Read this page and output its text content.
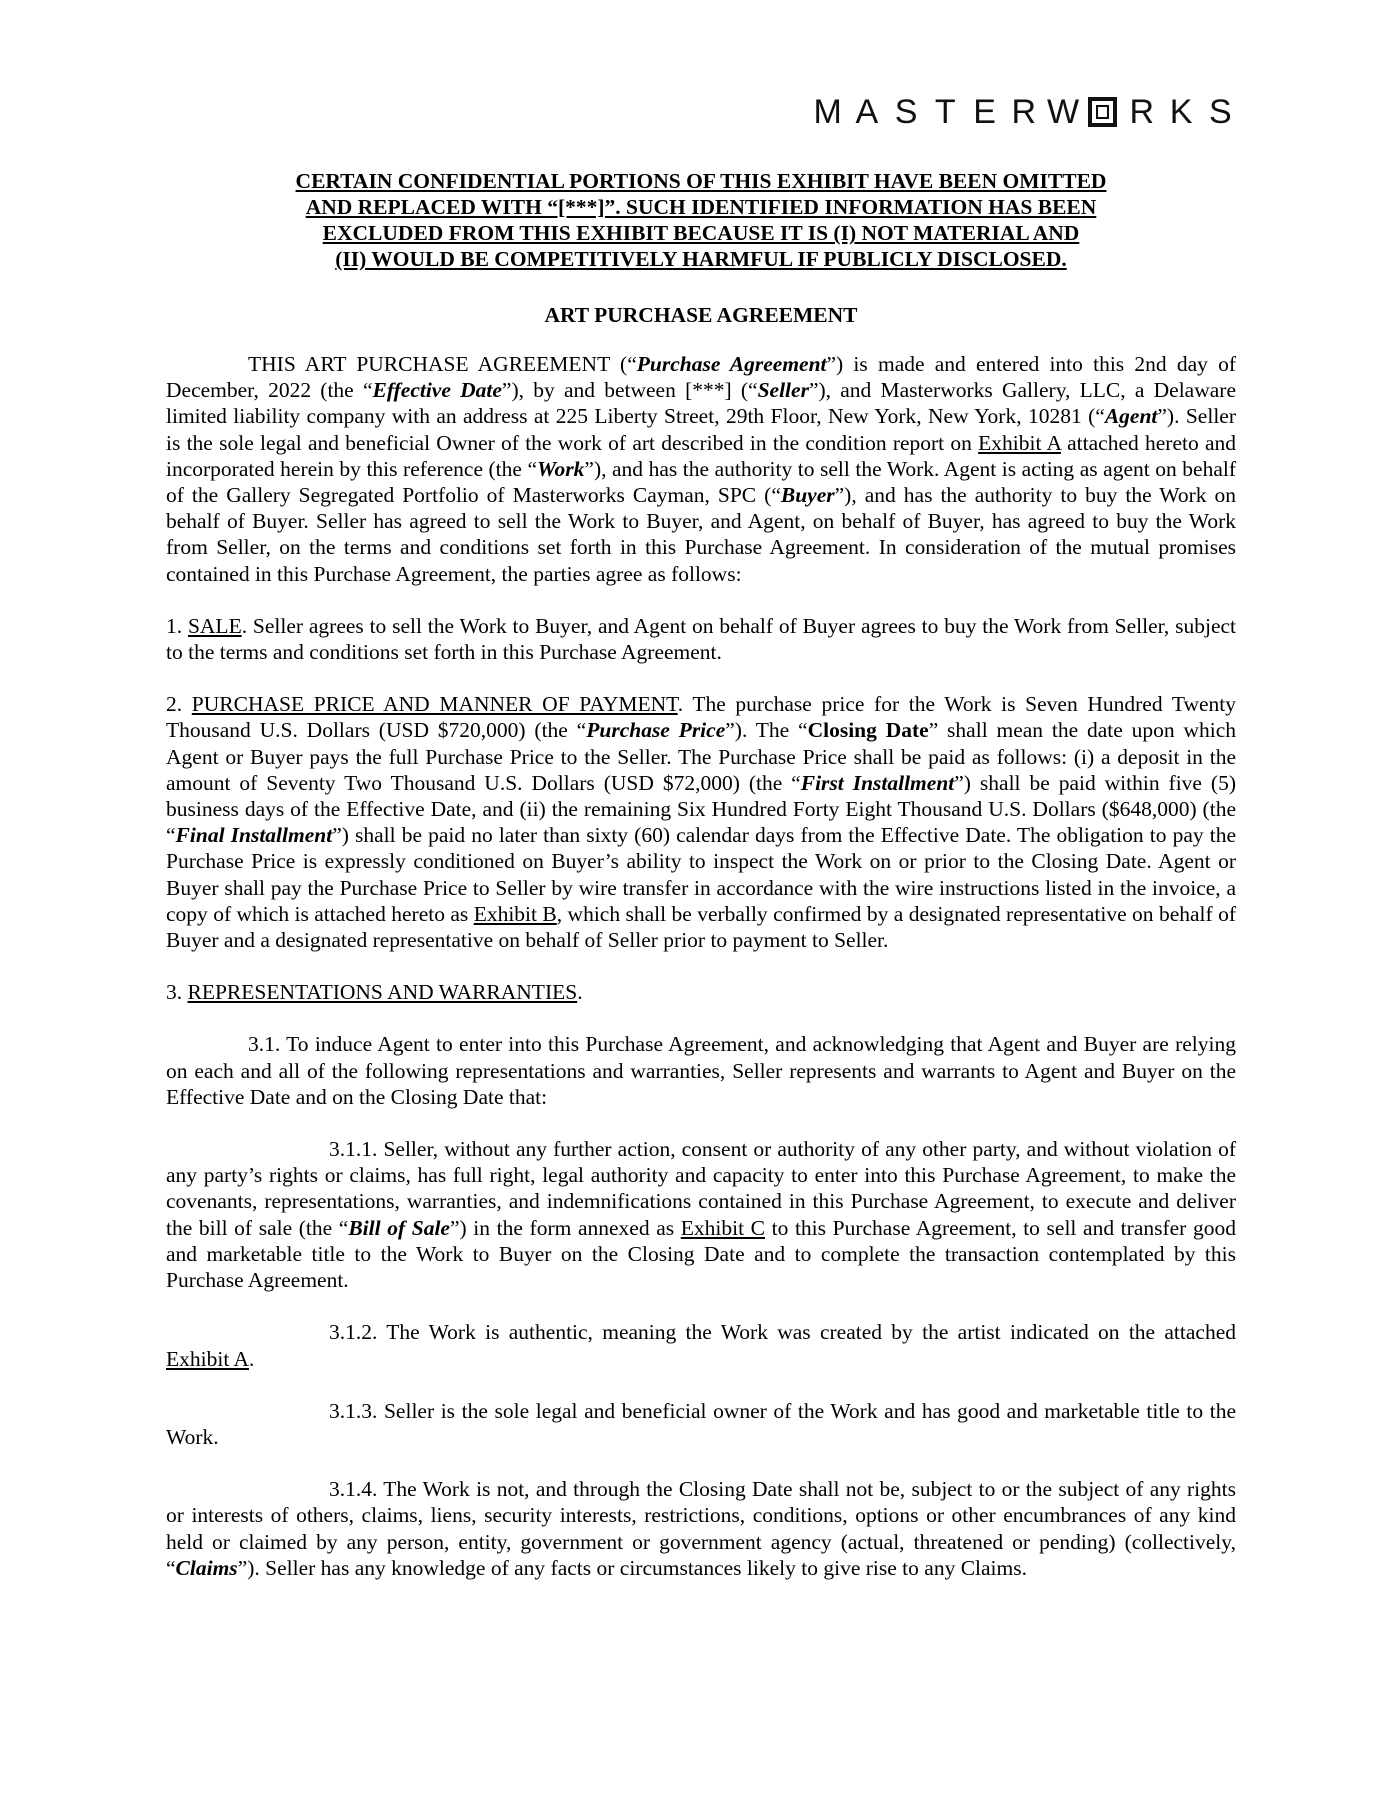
M A S T E R W R K S
CERTAIN CONFIDENTIAL PORTIONS OF THIS EXHIBIT HAVE BEEN OMITTED
AND REPLACED WITH “[***]”. SUCH IDENTIFIED INFORMATION HAS BEEN
EXCLUDED FROM THIS EXHIBIT BECAUSE IT IS (I) NOT MATERIAL AND
(II) WOULD BE COMPETITIVELY HARMFUL IF PUBLICLY DISCLOSED.
ART PURCHASE AGREEMENT

THIS ART PURCHASE AGREEMENT (“Purchase Agreement”) is made and entered into this 2nd day of December, 2022 (the “Effective Date”), by and between [***] (“Seller”), and Masterworks Gallery, LLC, a Delaware limited liability company with an address at 225 Liberty Street, 29th Floor, New York, New York, 10281 (“Agent”). Seller is the sole legal and beneficial Owner of the work of art described in the condition report on Exhibit A attached hereto and incorporated herein by this reference (the “Work”), and has the authority to sell the Work. Agent is acting as agent on behalf of the Gallery Segregated Portfolio of Masterworks Cayman, SPC (“Buyer”), and has the authority to buy the Work on behalf of Buyer. Seller has agreed to sell the Work to Buyer, and Agent, on behalf of Buyer, has agreed to buy the Work from Seller, on the terms and conditions set forth in this Purchase Agreement. In consideration of the mutual promises contained in this Purchase Agreement, the parties agree as follows:

1. SALE. Seller agrees to sell the Work to Buyer, and Agent on behalf of Buyer agrees to buy the Work from Seller, subject to the terms and conditions set forth in this Purchase Agreement.

2. PURCHASE PRICE AND MANNER OF PAYMENT. The purchase price for the Work is Seven Hundred Twenty Thousand U.S. Dollars (USD $720,000) (the “Purchase Price”). The “Closing Date” shall mean the date upon which Agent or Buyer pays the full Purchase Price to the Seller. The Purchase Price shall be paid as follows: (i) a deposit in the amount of Seventy Two Thousand U.S. Dollars (USD $72,000) (the “First Installment”) shall be paid within five (5) business days of the Effective Date, and (ii) the remaining Six Hundred Forty Eight Thousand U.S. Dollars ($648,000) (the “Final Installment”) shall be paid no later than sixty (60) calendar days from the Effective Date. The obligation to pay the Purchase Price is expressly conditioned on Buyer’s ability to inspect the Work on or prior to the Closing Date. Agent or Buyer shall pay the Purchase Price to Seller by wire transfer in accordance with the wire instructions listed in the invoice, a copy of which is attached hereto as Exhibit B, which shall be verbally confirmed by a designated representative on behalf of Buyer and a designated representative on behalf of Seller prior to payment to Seller.

3. REPRESENTATIONS AND WARRANTIES.

3.1. To induce Agent to enter into this Purchase Agreement, and acknowledging that Agent and Buyer are relying on each and all of the following representations and warranties, Seller represents and warrants to Agent and Buyer on the Effective Date and on the Closing Date that:

3.1.1. Seller, without any further action, consent or authority of any other party, and without violation of any party’s rights or claims, has full right, legal authority and capacity to enter into this Purchase Agreement, to make the covenants, representations, warranties, and indemnifications contained in this Purchase Agreement, to execute and deliver the bill of sale (the “Bill of Sale”) in the form annexed as Exhibit C to this Purchase Agreement, to sell and transfer good and marketable title to the Work to Buyer on the Closing Date and to complete the transaction contemplated by this Purchase Agreement.

3.1.2. The Work is authentic, meaning the Work was created by the artist indicated on the attached Exhibit A.

3.1.3. Seller is the sole legal and beneficial owner of the Work and has good and marketable title to the Work.

3.1.4. The Work is not, and through the Closing Date shall not be, subject to or the subject of any rights or interests of others, claims, liens, security interests, restrictions, conditions, options or other encumbrances of any kind held or claimed by any person, entity, government or government agency (actual, threatened or pending) (collectively, “Claims”). Seller has any knowledge of any facts or circumstances likely to give rise to any Claims.
